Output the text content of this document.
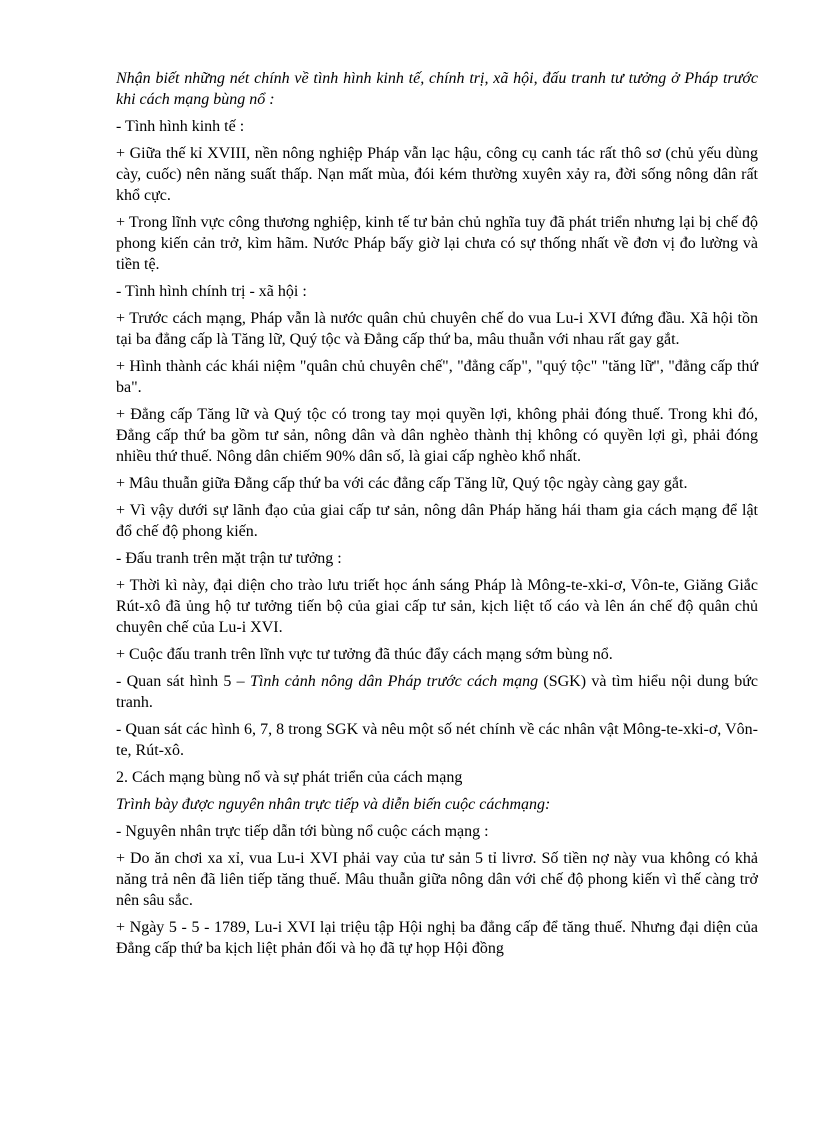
Nhận biết những nét chính về tình hình kinh tế, chính trị, xã hội, đấu tranh tư tưởng ở Pháp trước khi cách mạng bùng nổ :

- Tình hình kinh tế :

+ Giữa thế kỉ XVIII, nền nông nghiệp Pháp vẫn lạc hậu, công cụ canh tác rất thô sơ (chủ yếu dùng cày, cuốc) nên năng suất thấp. Nạn mất mùa, đói kém thường xuyên xảy ra, đời sống nông dân rất khổ cực.

+ Trong lĩnh vực công thương nghiệp, kinh tế tư bản chủ nghĩa tuy đã phát triển nhưng lại bị chế độ phong kiến cản trở, kìm hãm. Nước Pháp bấy giờ lại chưa có sự thống nhất về đơn vị đo lường và tiền tệ.

- Tình hình chính trị - xã hội :

+ Trước cách mạng, Pháp vẫn là nước quân chủ chuyên chế do vua Lu-i XVI đứng đầu. Xã hội tồn tại ba đẳng cấp là Tăng lữ, Quý tộc và Đẳng cấp thứ ba, mâu thuẫn với nhau rất gay gắt.

+ Hình thành các khái niệm "quân chủ chuyên chế", "đẳng cấp", "quý tộc" "tăng lữ", "đẳng cấp thứ ba".

+ Đẳng cấp Tăng lữ và Quý tộc có trong tay mọi quyền lợi, không phải đóng thuế. Trong khi đó, Đẳng cấp thứ ba gồm tư sản, nông dân và dân nghèo thành thị không có quyền lợi gì, phải đóng nhiều thứ thuế. Nông dân chiếm 90% dân số, là giai cấp nghèo khổ nhất.

+ Mâu thuẫn giữa Đẳng cấp thứ ba với các đẳng cấp Tăng lữ, Quý tộc ngày càng gay gắt.

+ Vì vậy dưới sự lãnh đạo của giai cấp tư sản, nông dân Pháp hăng hái tham gia cách mạng để lật đổ chế độ phong kiến.

- Đấu tranh trên mặt trận tư tưởng :

+ Thời kì này, đại diện cho trào lưu triết học ánh sáng Pháp là Mông-te-xki-ơ, Vôn-te, Giăng Giắc Rút-xô đã ủng hộ tư tưởng tiến bộ của giai cấp tư sản, kịch liệt tố cáo và lên án chế độ quân chủ chuyên chế của Lu-i XVI.

+ Cuộc đấu tranh trên lĩnh vực tư tưởng đã thúc đẩy cách mạng sớm bùng nổ.

- Quan sát hình 5 – Tình cảnh nông dân Pháp trước cách mạng (SGK) và tìm hiểu nội dung bức tranh.

- Quan sát các hình 6, 7, 8 trong SGK và nêu một số nét chính về các nhân vật Mông-te-xki-ơ, Vôn-te, Rút-xô.

2. Cách mạng bùng nổ và sự phát triển của cách mạng

Trình bày được nguyên nhân trực tiếp và diễn biến cuộc cáchmạng:

- Nguyên nhân trực tiếp dẫn tới bùng nổ cuộc cách mạng :

+ Do ăn chơi xa xỉ, vua Lu-i XVI phải vay của tư sản 5 tỉ livrơ. Số tiền nợ này vua không có khả năng trả nên đã liên tiếp tăng thuế. Mâu thuẫn giữa nông dân với chế độ phong kiến vì thế càng trở nên sâu sắc.

+ Ngày 5 - 5 - 1789, Lu-i XVI lại triệu tập Hội nghị ba đẳng cấp để tăng thuế. Nhưng đại diện của Đẳng cấp thứ ba kịch liệt phản đối và họ đã tự họp Hội đồng
